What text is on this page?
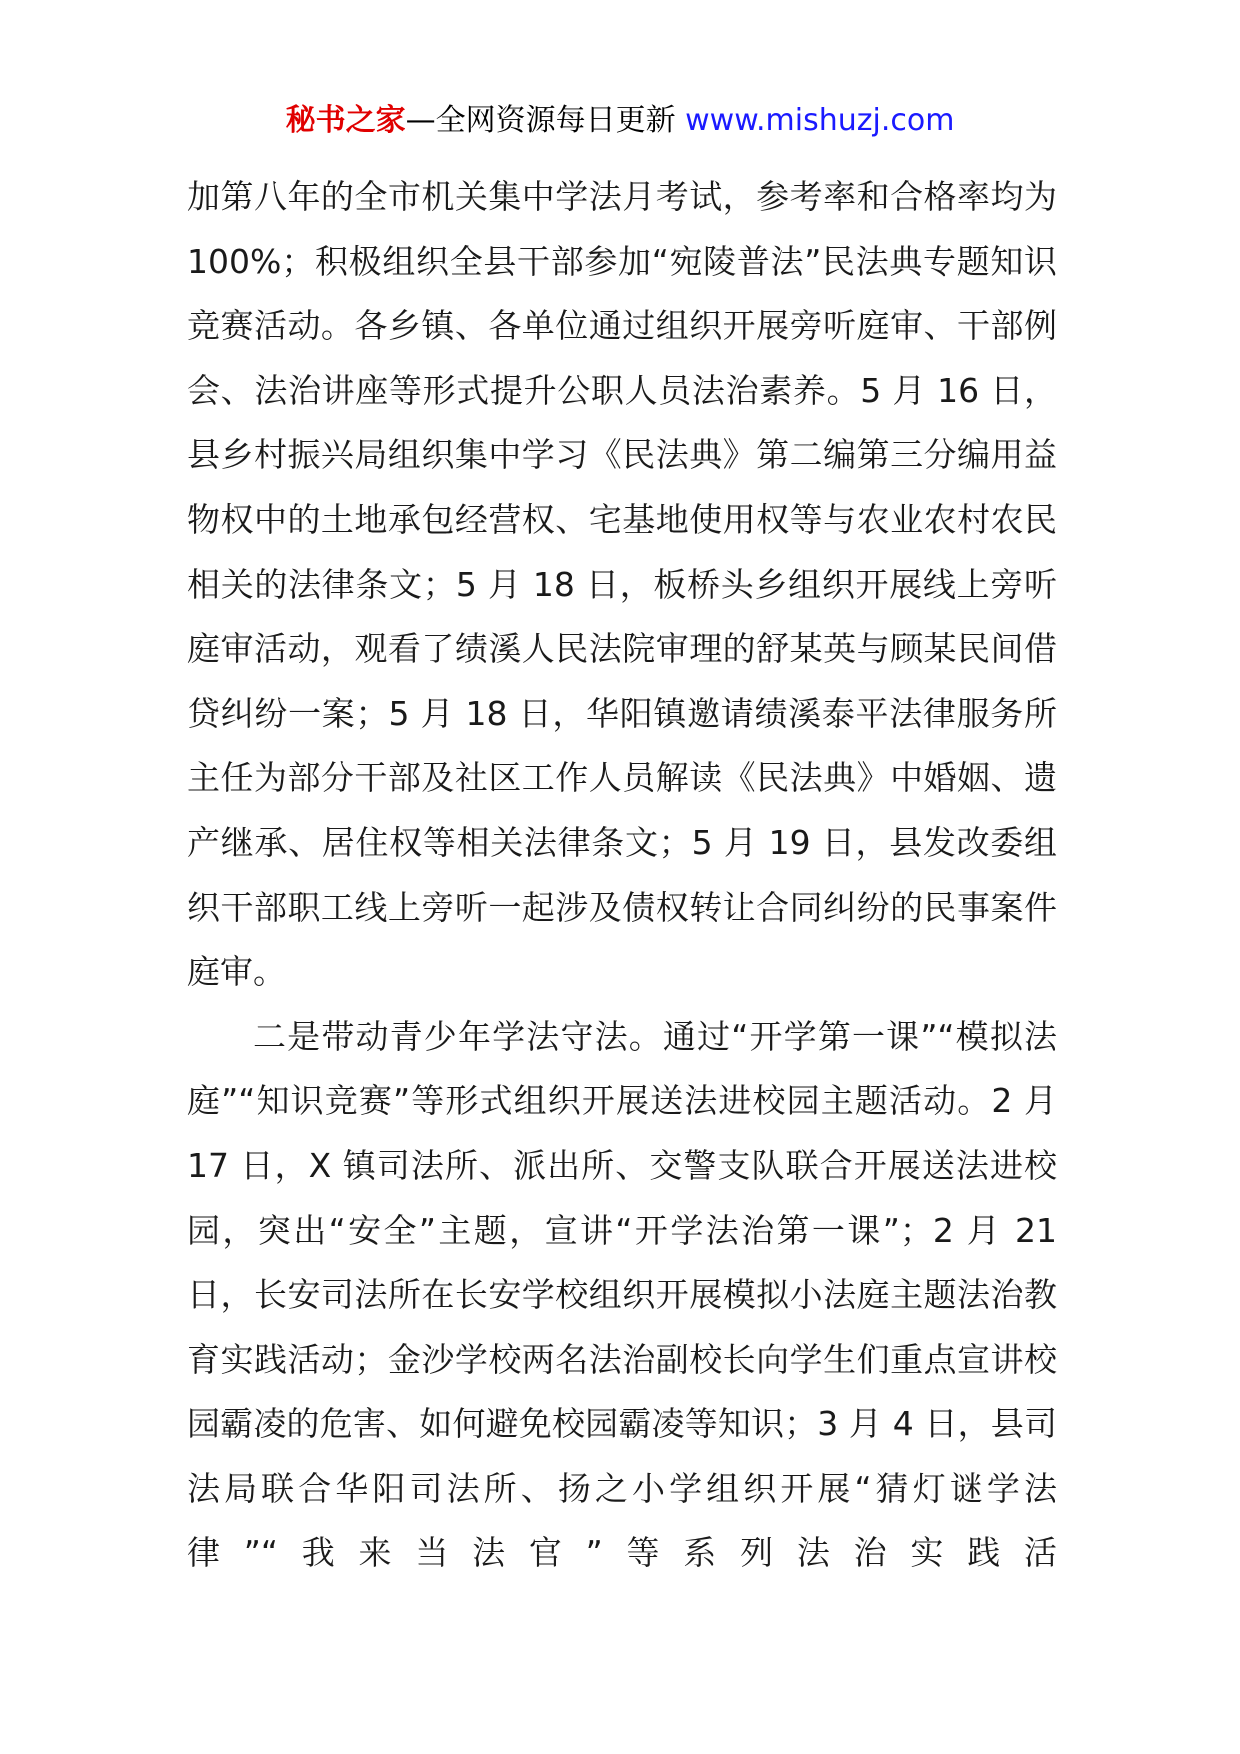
秘书之家—全网资源每日更新 www.mishuzj.com

加第八年的全市机关集中学法月考试，参考率和合格率均为 100%；积极组织全县干部参加“宛陵普法”民法典专题知识竞赛活动。各乡镇、各单位通过组织开展旁听庭审、干部例会、法治讲座等形式提升公职人员法治素养。5 月 16 日，县乡村振兴局组织集中学习《民法典》第二编第三分编用益物权中的土地承包经营权、宅基地使用权等与农业农村农民相关的法律条文；5 月 18 日，板桥头乡组织开展线上旁听庭审活动，观看了绩溪人民法院审理的舒某英与顾某民间借贷纠纷一案；5 月 18 日，华阳镇邀请绩溪泰平法律服务所主任为部分干部及社区工作人员解读《民法典》中婚姻、遗产继承、居住权等相关法律条文；5 月 19 日，县发改委组织干部职工线上旁听一起涉及债权转让合同纠纷的民事案件庭审。

二是带动青少年学法守法。通过“开学第一课”“模拟法庭”“知识竞赛”等形式组织开展送法进校园主题活动。2 月 17 日，X 镇司法所、派出所、交警支队联合开展送法进校园，突出“安全”主题，宣讲“开学法治第一课”；2 月 21 日，长安司法所在长安学校组织开展模拟小法庭主题法治教育实践活动；金沙学校两名法治副校长向学生们重点宣讲校园霸凌的危害、如何避免校园霸凌等知识；3 月 4 日，县司法局联合华阳司法所、扬之小学组织开展“猜灯谜学法律”“我来当法官”等系列法治实践活
